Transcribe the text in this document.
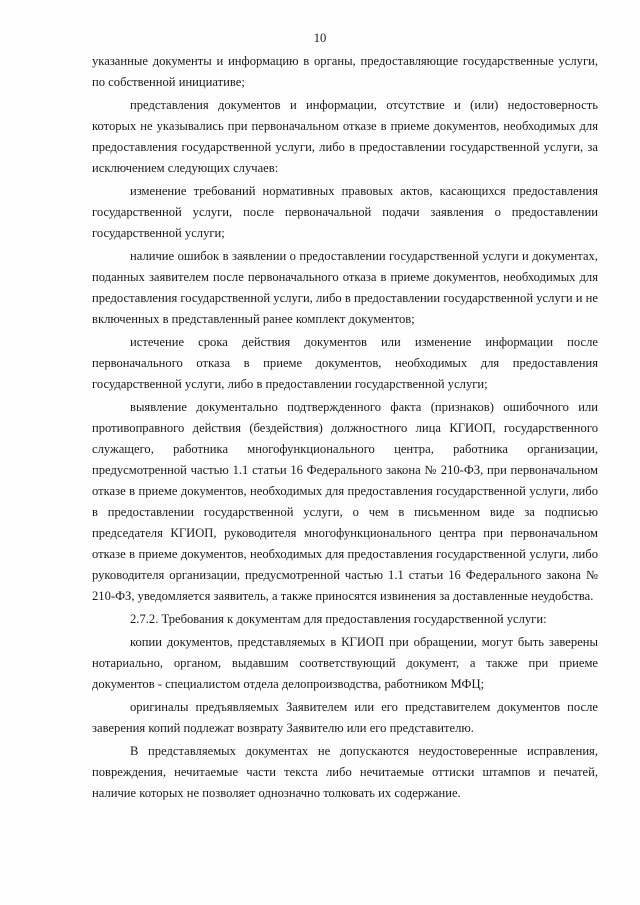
10

указанные документы и информацию в органы, предоставляющие государственные услуги, по собственной инициативе;

представления документов и информации, отсутствие и (или) недостоверность которых не указывались при первоначальном отказе в приеме документов, необходимых для предоставления государственной услуги, либо в предоставлении государственной услуги, за исключением следующих случаев:

изменение требований нормативных правовых актов, касающихся предоставления государственной услуги, после первоначальной подачи заявления о предоставлении государственной услуги;

наличие ошибок в заявлении о предоставлении государственной услуги и документах, поданных заявителем после первоначального отказа в приеме документов, необходимых для предоставления государственной услуги, либо в предоставлении государственной услуги и не включенных в представленный ранее комплект документов;

истечение срока действия документов или изменение информации после первоначального отказа в приеме документов, необходимых для предоставления государственной услуги, либо в предоставлении государственной услуги;

выявление документально подтвержденного факта (признаков) ошибочного или противоправного действия (бездействия) должностного лица КГИОП, государственного служащего, работника многофункционального центра, работника организации, предусмотренной частью 1.1 статьи 16 Федерального закона № 210-ФЗ, при первоначальном отказе в приеме документов, необходимых для предоставления государственной услуги, либо в предоставлении государственной услуги, о чем в письменном виде за подписью председателя КГИОП, руководителя многофункционального центра при первоначальном отказе в приеме документов, необходимых для предоставления государственной услуги, либо руководителя организации, предусмотренной частью 1.1 статьи 16 Федерального закона № 210-ФЗ, уведомляется заявитель, а также приносятся извинения за доставленные неудобства.

2.7.2. Требования к документам для предоставления государственной услуги:

копии документов, представляемых в КГИОП при обращении, могут быть заверены нотариально, органом, выдавшим соответствующий документ, а также при приеме документов - специалистом отдела делопроизводства, работником МФЦ;

оригиналы предъявляемых Заявителем или его представителем документов после заверения копий подлежат возврату Заявителю или его представителю.

В представляемых документах не допускаются неудостоверенные исправления, повреждения, нечитаемые части текста либо нечитаемые оттиски штампов и печатей, наличие которых не позволяет однозначно толковать их содержание.
